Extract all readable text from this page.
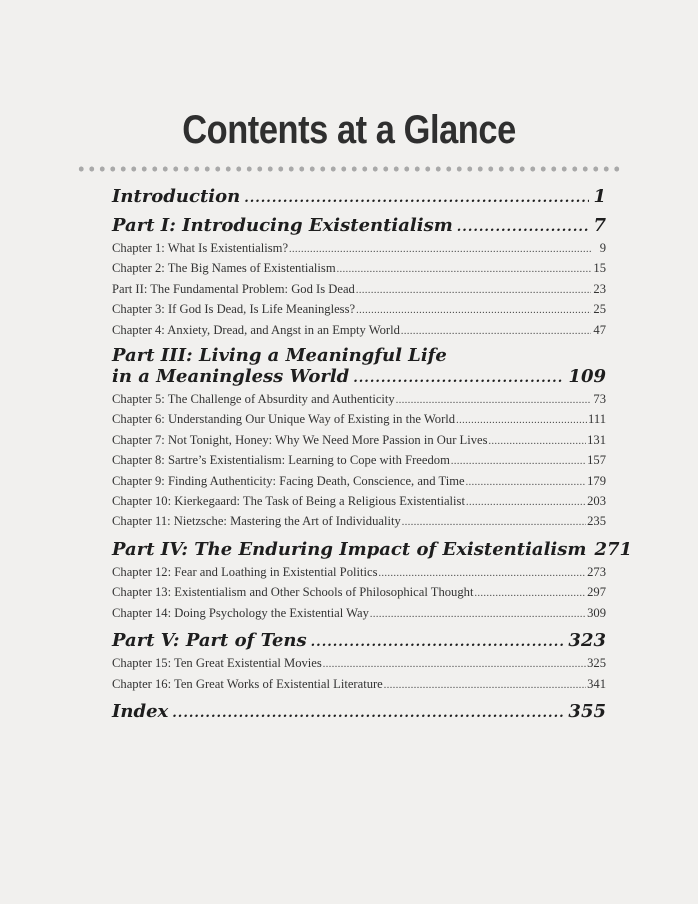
Contents at a Glance
Introduction .....	1
Part I: Introducing Existentialism .....	7
Chapter 1: What Is Existentialism? .....	9
Chapter 2: The Big Names of Existentialism .....	15
Part II: The Fundamental Problem: God Is Dead .....	23
Chapter 3: If God Is Dead, Is Life Meaningless? .....	25
Chapter 4: Anxiety, Dread, and Angst in an Empty World .....	47
Part III: Living a Meaningful Life
in a Meaningless World .....	109
Chapter 5: The Challenge of Absurdity and Authenticity .....	73
Chapter 6: Understanding Our Unique Way of Existing in the World .....	111
Chapter 7: Not Tonight, Honey: Why We Need More Passion in Our Lives .....	131
Chapter 8: Sartre’s Existentialism: Learning to Cope with Freedom .....	157
Chapter 9: Finding Authenticity: Facing Death, Conscience, and Time .....	179
Chapter 10: Kierkegaard: The Task of Being a Religious Existentialist .....	203
Chapter 11: Nietzsche: Mastering the Art of Individuality .....	235
Part IV: The Enduring Impact of Existentialism 271
Chapter 12: Fear and Loathing in Existential Politics .....	273
Chapter 13: Existentialism and Other Schools of Philosophical Thought .....	297
Chapter 14: Doing Psychology the Existential Way .....	309
Part V: Part of Tens .....	323
Chapter 15: Ten Great Existential Movies .....	325
Chapter 16: Ten Great Works of Existential Literature .....	341
Index .....	355
